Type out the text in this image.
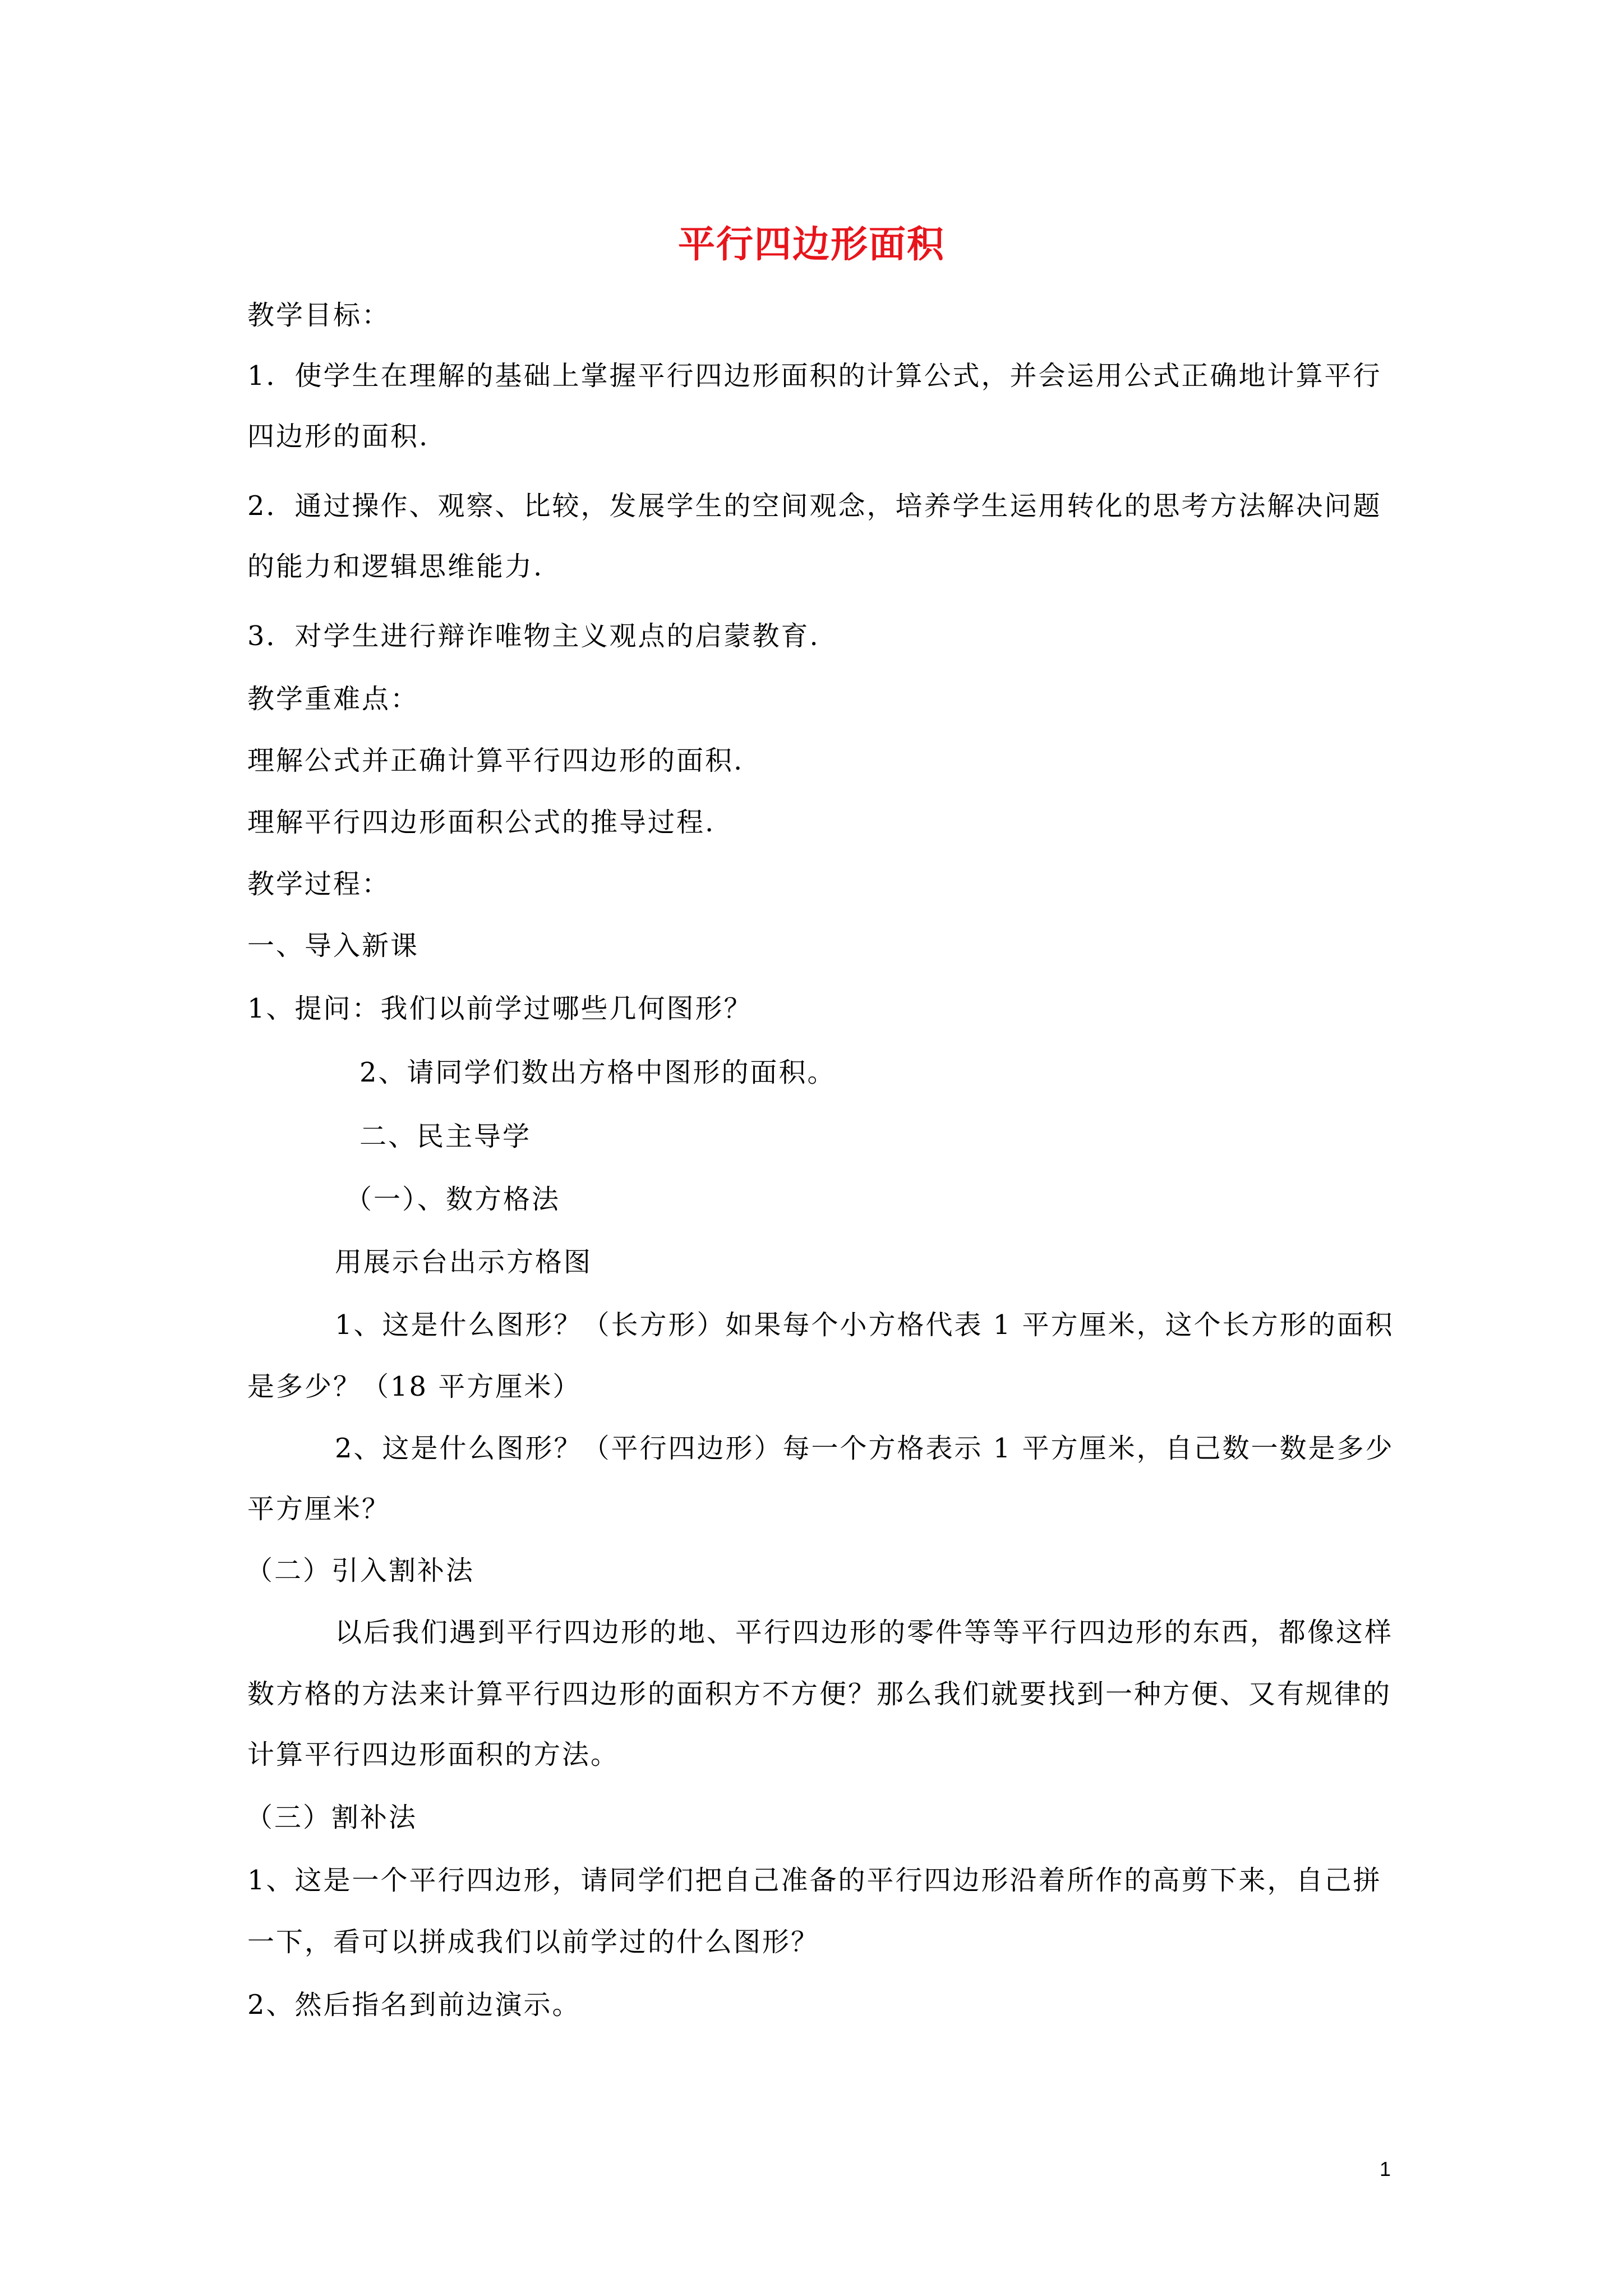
平行四边形面积
教学目标：
1．使学生在理解的基础上掌握平行四边形面积的计算公式，并会运用公式正确地计算平行
四边形的面积.
2．通过操作、观察、比较，发展学生的空间观念，培养学生运用转化的思考方法解决问题
的能力和逻辑思维能力.
3．对学生进行辩诈唯物主义观点的启蒙教育.
教学重难点：
理解公式并正确计算平行四边形的面积.
理解平行四边形面积公式的推导过程.
教学过程：
一、导入新课
1、提问：我们以前学过哪些几何图形？
2、请同学们数出方格中图形的面积。
二、民主导学
（一）、数方格法
用展示台出示方格图
1、这是什么图形？（长方形）如果每个小方格代表 1 平方厘米，这个长方形的面积
是多少？（18 平方厘米）
2、这是什么图形？（平行四边形）每一个方格表示 1 平方厘米，自己数一数是多少
平方厘米？
（二）引入割补法
以后我们遇到平行四边形的地、平行四边形的零件等等平行四边形的东西，都像这样
数方格的方法来计算平行四边形的面积方不方便？那么我们就要找到一种方便、又有规律的
计算平行四边形面积的方法。
（三）割补法
1、这是一个平行四边形，请同学们把自己准备的平行四边形沿着所作的高剪下来，自己拼
一下，看可以拼成我们以前学过的什么图形？
2、然后指名到前边演示。
1
